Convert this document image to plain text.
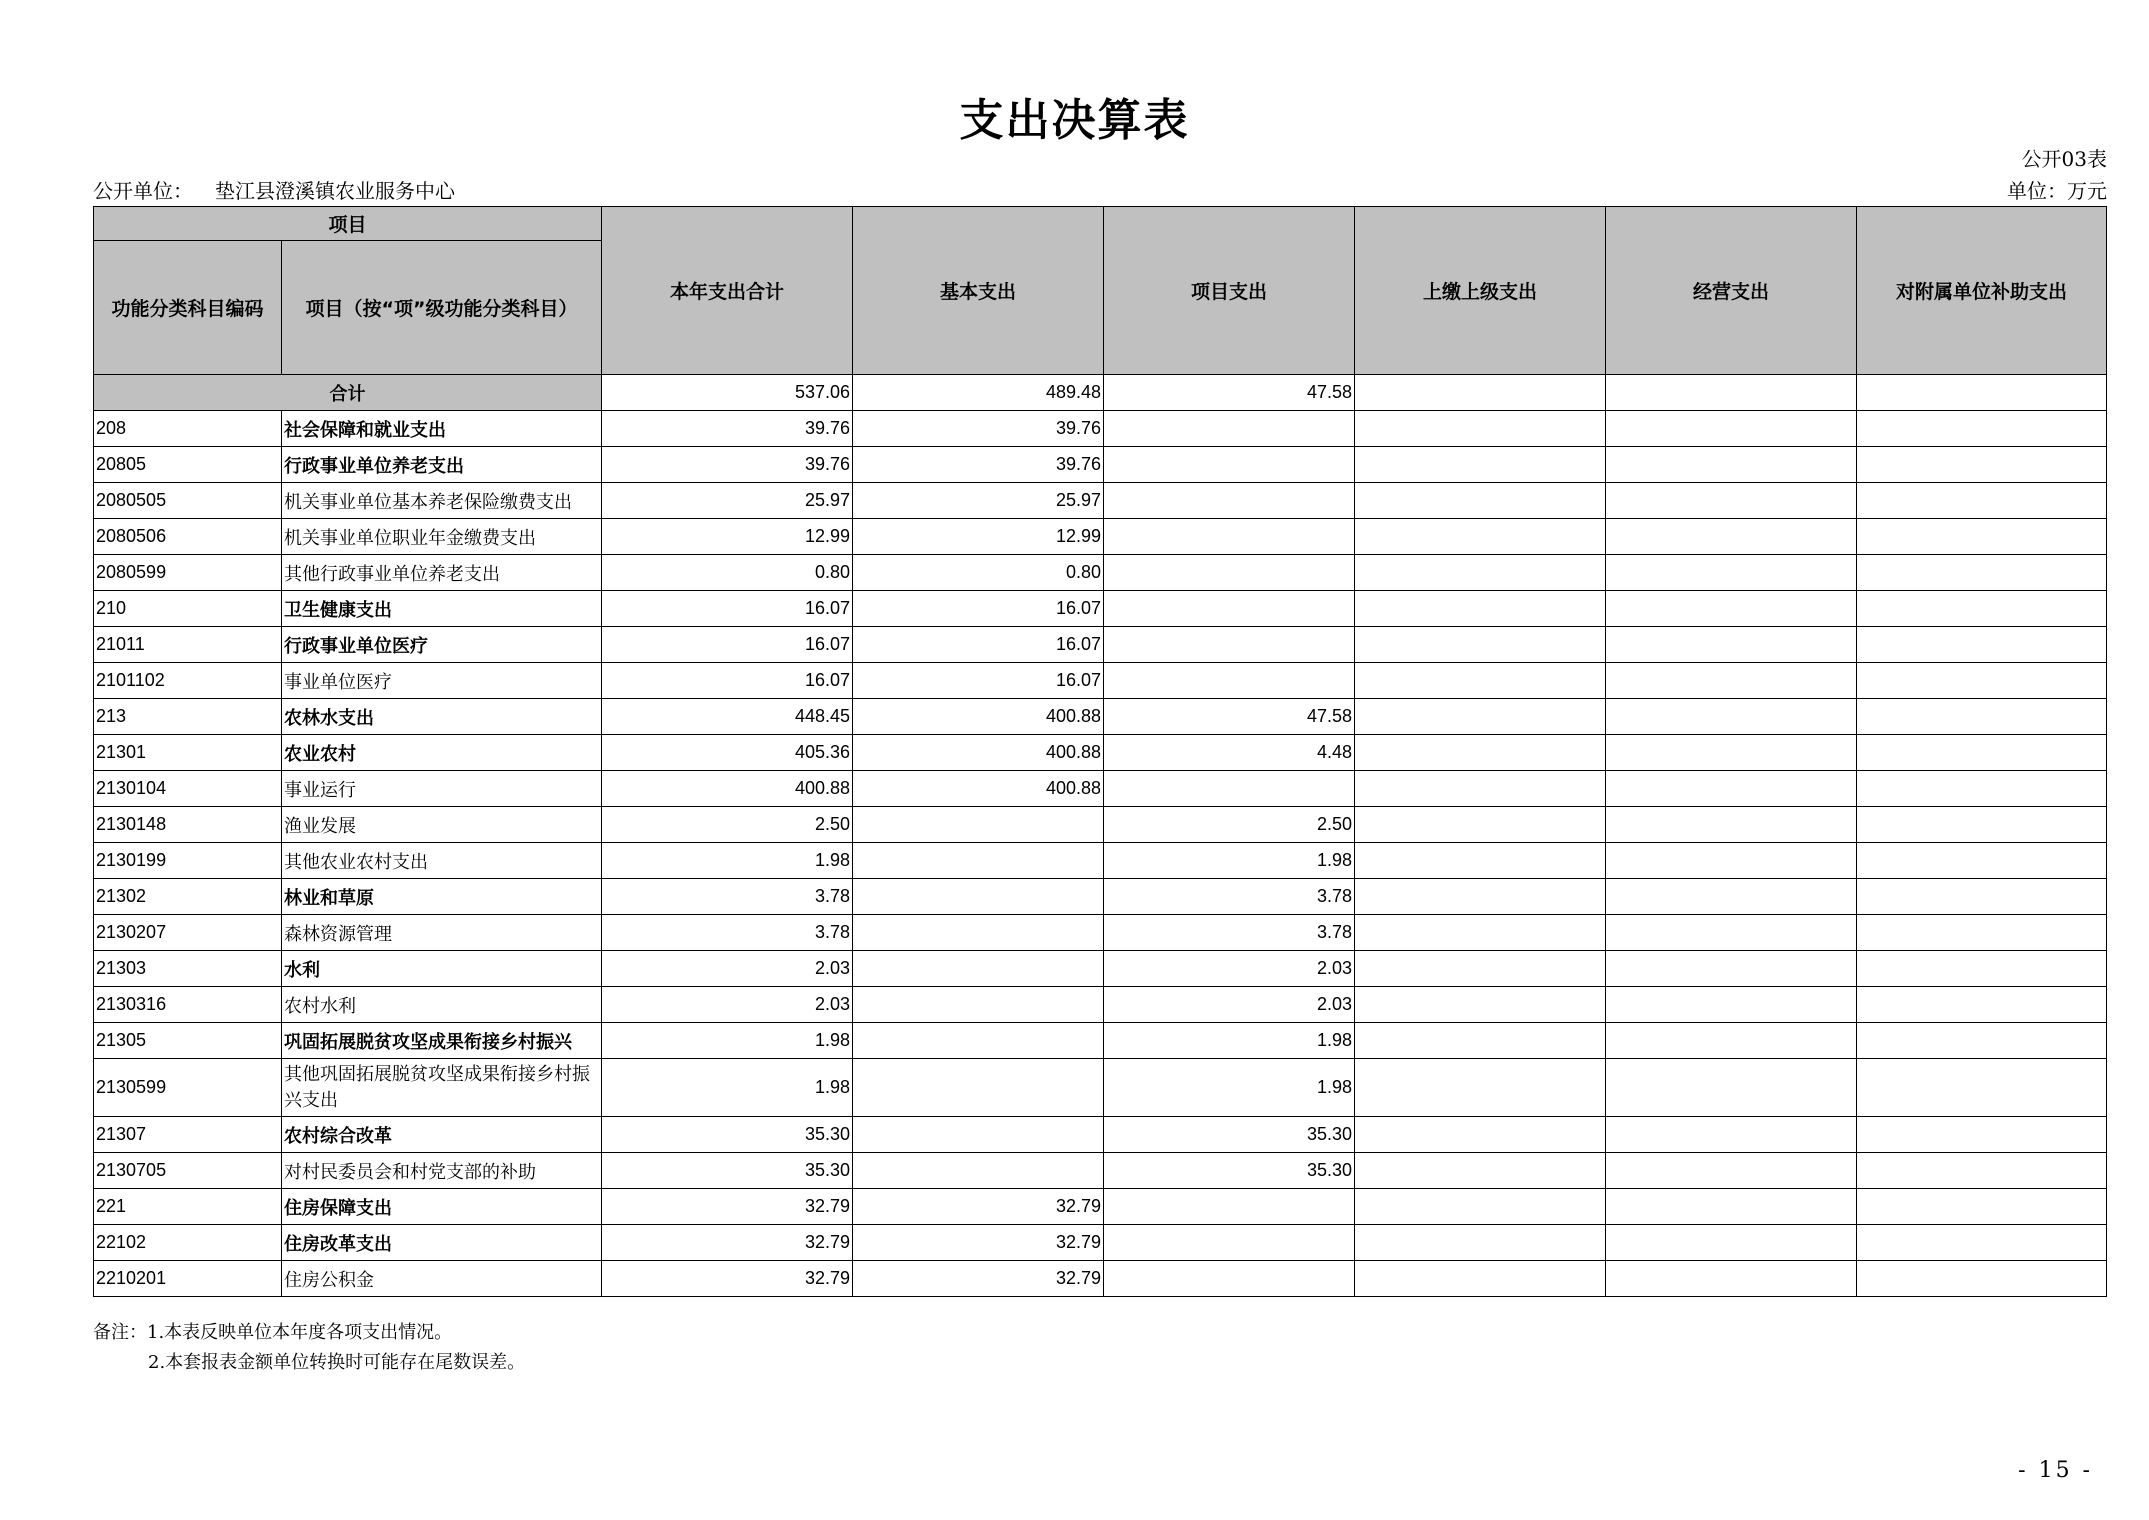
支出决算表
公开03表
公开单位： 垫江县澄溪镇农业服务中心	单位：万元
项目		本年支出合计	基本支出	项目支出	上缴上级支出	经营支出	对附属单位补助支出
功能分类科目编码	项目（按“项”级功能分类科目）						
合计		537.06	489.48	47.58			
208	社会保障和就业支出	39.76	39.76				
20805	行政事业单位养老支出	39.76	39.76				
2080505	机关事业单位基本养老保险缴费支出	25.97	25.97				
2080506	机关事业单位职业年金缴费支出	12.99	12.99				
2080599	其他行政事业单位养老支出	0.80	0.80				
210	卫生健康支出	16.07	16.07				
21011	行政事业单位医疗	16.07	16.07				
2101102	事业单位医疗	16.07	16.07				
213	农林水支出	448.45	400.88	47.58			
21301	农业农村	405.36	400.88	4.48			
2130104	事业运行	400.88	400.88				
2130148	渔业发展	2.50		2.50			
2130199	其他农业农村支出	1.98		1.98			
21302	林业和草原	3.78		3.78			
2130207	森林资源管理	3.78		3.78			
21303	水利	2.03		2.03			
2130316	农村水利	2.03		2.03			
21305	巩固拓展脱贫攻坚成果衔接乡村振兴	1.98		1.98			
2130599	其他巩固拓展脱贫攻坚成果衔接乡村振兴支出	1.98		1.98			
21307	农村综合改革	35.30		35.30			
2130705	对村民委员会和村党支部的补助	35.30		35.30			
221	住房保障支出	32.79	32.79				
22102	住房改革支出	32.79	32.79				
2210201	住房公积金	32.79	32.79				
备注：1.本表反映单位本年度各项支出情况。
2.本套报表金额单位转换时可能存在尾数误差。
- 15 -
